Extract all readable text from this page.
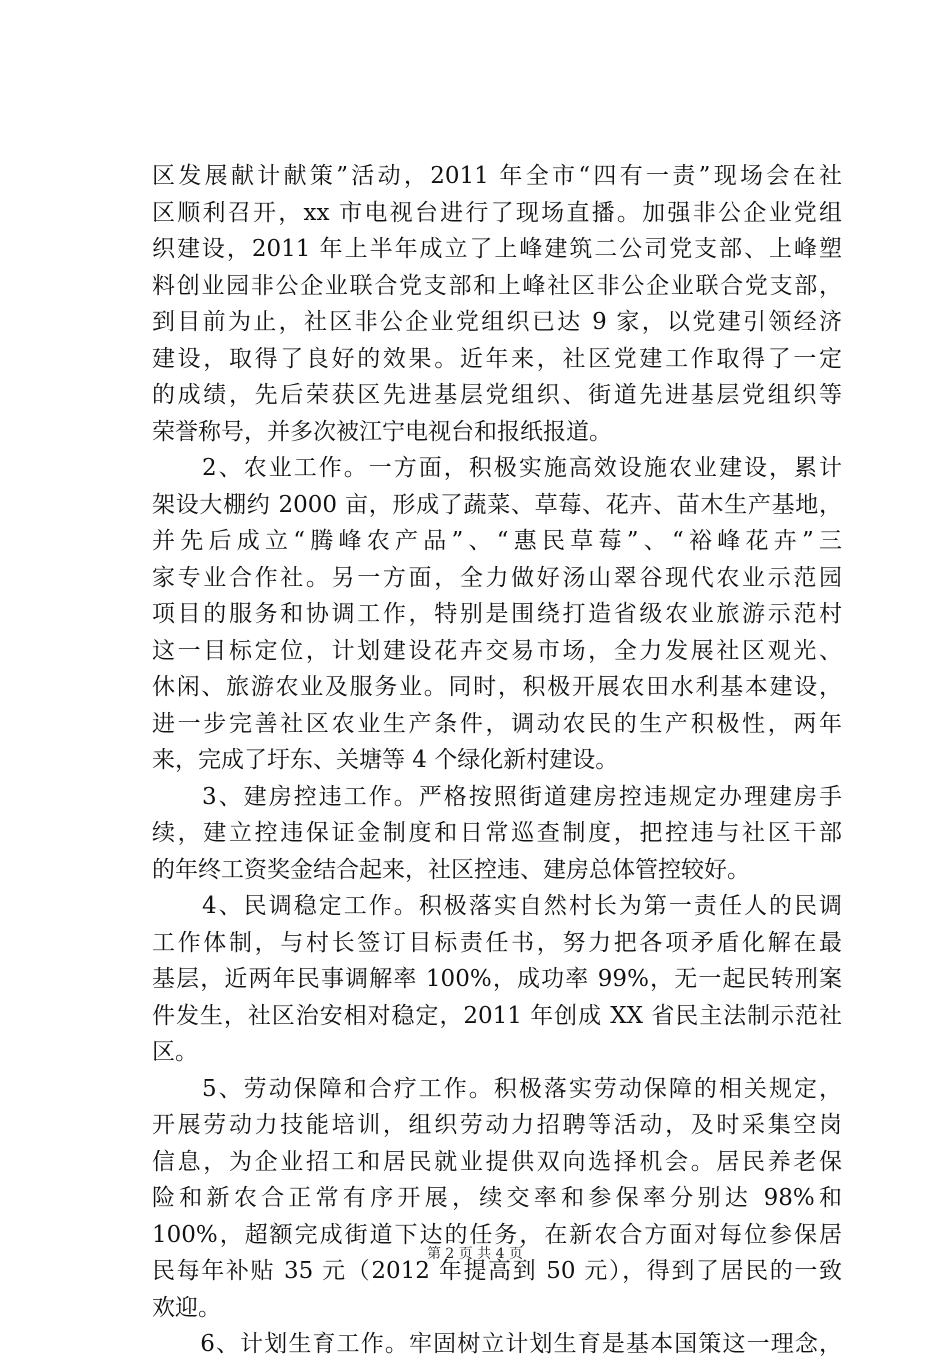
区发展献计献策”活动，2011 年全市“四有一责”现场会在社
区顺利召开，xx 市电视台进行了现场直播。加强非公企业党组
织建设，2011 年上半年成立了上峰建筑二公司党支部、上峰塑
料创业园非公企业联合党支部和上峰社区非公企业联合党支部，
到目前为止，社区非公企业党组织已达 9 家，以党建引领经济
建设，取得了良好的效果。近年来，社区党建工作取得了一定
的成绩，先后荣获区先进基层党组织、街道先进基层党组织等
荣誉称号，并多次被江宁电视台和报纸报道。
　　2、农业工作。一方面，积极实施高效设施农业建设，累计
架设大棚约 2000 亩，形成了蔬菜、草莓、花卉、苗木生产基地，
并先后成立“腾峰农产品”、“惠民草莓”、“裕峰花卉”三
家专业合作社。另一方面，全力做好汤山翠谷现代农业示范园
项目的服务和协调工作，特别是围绕打造省级农业旅游示范村
这一目标定位，计划建设花卉交易市场，全力发展社区观光、
休闲、旅游农业及服务业。同时，积极开展农田水利基本建设，
进一步完善社区农业生产条件，调动农民的生产积极性，两年
来，完成了圩东、关塘等 4 个绿化新村建设。
　　3、建房控违工作。严格按照街道建房控违规定办理建房手
续，建立控违保证金制度和日常巡查制度，把控违与社区干部
的年终工资奖金结合起来，社区控违、建房总体管控较好。
　　4、民调稳定工作。积极落实自然村长为第一责任人的民调
工作体制，与村长签订目标责任书，努力把各项矛盾化解在最
基层，近两年民事调解率 100%，成功率 99%，无一起民转刑案
件发生，社区治安相对稳定，2011 年创成 XX 省民主法制示范社
区。
　　5、劳动保障和合疗工作。积极落实劳动保障的相关规定，
开展劳动力技能培训，组织劳动力招聘等活动，及时采集空岗
信息，为企业招工和居民就业提供双向选择机会。居民养老保
险和新农合正常有序开展，续交率和参保率分别达 98%和
100%，超额完成街道下达的任务，在新农合方面对每位参保居
民每年补贴 35 元（2012 年提高到 50 元），得到了居民的一致
欢迎。
　　6、计划生育工作。牢固树立计划生育是基本国策这一理念，
第 2 页 共 4 页
